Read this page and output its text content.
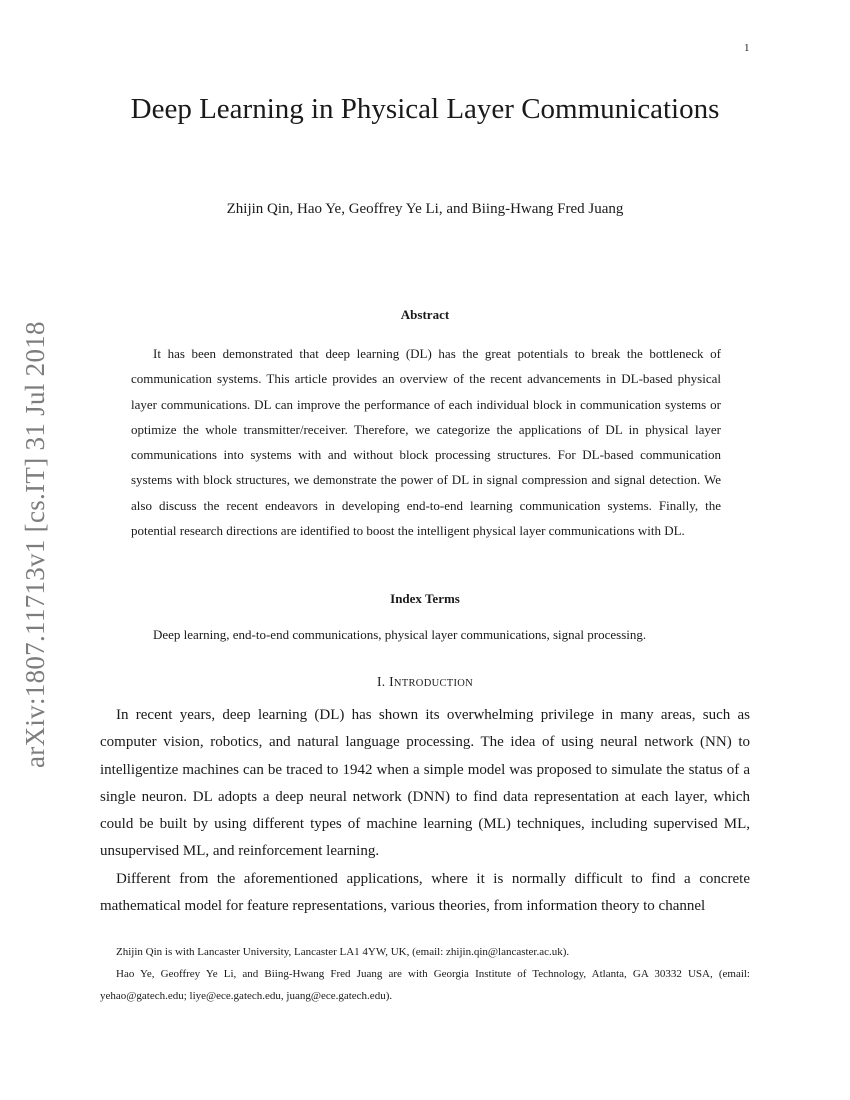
1
arXiv:1807.11713v1 [cs.IT] 31 Jul 2018
Deep Learning in Physical Layer Communications
Zhijin Qin, Hao Ye, Geoffrey Ye Li, and Biing-Hwang Fred Juang
Abstract

It has been demonstrated that deep learning (DL) has the great potentials to break the bottleneck of communication systems. This article provides an overview of the recent advancements in DL-based physical layer communications. DL can improve the performance of each individual block in communication systems or optimize the whole transmitter/receiver. Therefore, we categorize the applications of DL in physical layer communications into systems with and without block processing structures. For DL-based communication systems with block structures, we demonstrate the power of DL in signal compression and signal detection. We also discuss the recent endeavors in developing end-to-end learning communication systems. Finally, the potential research directions are identified to boost the intelligent physical layer communications with DL.

Index Terms
Deep learning, end-to-end communications, physical layer communications, signal processing.
I. INTRODUCTION

In recent years, deep learning (DL) has shown its overwhelming privilege in many areas, such as computer vision, robotics, and natural language processing. The idea of using neural network (NN) to intelligentize machines can be traced to 1942 when a simple model was proposed to simulate the status of a single neuron. DL adopts a deep neural network (DNN) to find data representation at each layer, which could be built by using different types of machine learning (ML) techniques, including supervised ML, unsupervised ML, and reinforcement learning.

Different from the aforementioned applications, where it is normally difficult to find a concrete mathematical model for feature representations, various theories, from information theory to channel

Zhijin Qin is with Lancaster University, Lancaster LA1 4YW, UK, (email: zhijin.qin@lancaster.ac.uk).

Hao Ye, Geoffrey Ye Li, and Biing-Hwang Fred Juang are with Georgia Institute of Technology, Atlanta, GA 30332 USA, (email: yehao@gatech.edu; liye@ece.gatech.edu, juang@ece.gatech.edu).
